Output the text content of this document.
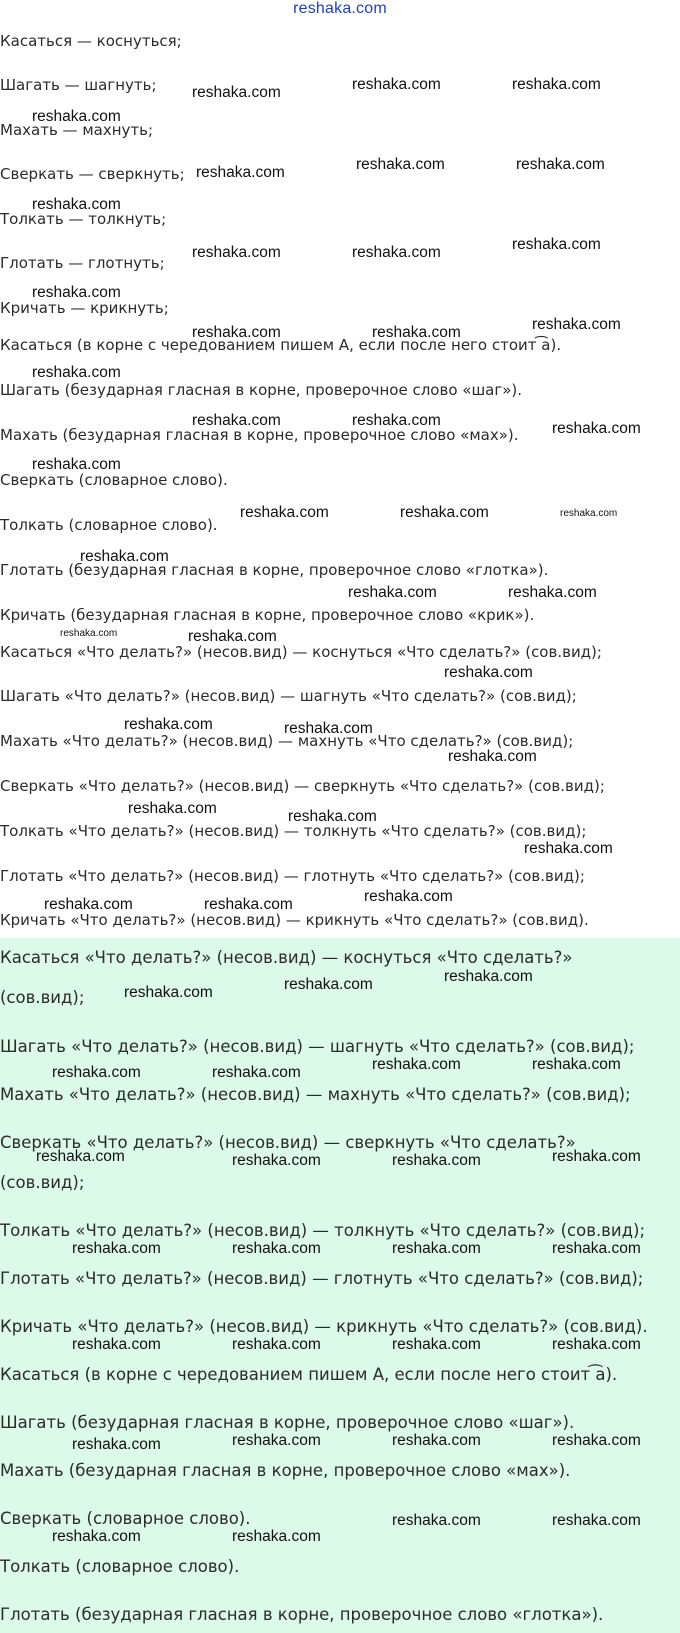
reshaka.com
Касаться — коснуться;
Шагать — шагнуть;
Махать — махнуть;
Сверкать — сверкнуть;
Толкать — толкнуть;
Глотать — глотнуть;
Кричать — крикнуть;
Касаться (в корне с чередованием пишем А, если после него стоит ͡а).
Шагать (безударная гласная в корне, проверочное слово «шаг»).
Махать (безударная гласная в корне, проверочное слово «мах»).
Сверкать (словарное слово).
Толкать (словарное слово).
Глотать (безударная гласная в корне, проверочное слово «глотка»).
Кричать (безударная гласная в корне, проверочное слово «крик»).
Касаться «Что делать?» (несов.вид) — коснуться «Что сделать?» (сов.вид);
Шагать «Что делать?» (несов.вид) — шагнуть «Что сделать?» (сов.вид);
Махать «Что делать?» (несов.вид) — махнуть «Что сделать?» (сов.вид);
Сверкать «Что делать?» (несов.вид) — сверкнуть «Что сделать?» (сов.вид);
Толкать «Что делать?» (несов.вид) — толкнуть «Что сделать?» (сов.вид);
Глотать «Что делать?» (несов.вид) — глотнуть «Что сделать?» (сов.вид);
Кричать «Что делать?» (несов.вид) — крикнуть «Что сделать?» (сов.вид).
Касаться «Что делать?» (несов.вид) — коснуться «Что сделать?»
(сов.вид);
Шагать «Что делать?» (несов.вид) — шагнуть «Что сделать?» (сов.вид);
Махать «Что делать?» (несов.вид) — махнуть «Что сделать?» (сов.вид);
Сверкать «Что делать?» (несов.вид) — сверкнуть «Что сделать?»
(сов.вид);
Толкать «Что делать?» (несов.вид) — толкнуть «Что сделать?» (сов.вид);
Глотать «Что делать?» (несов.вид) — глотнуть «Что сделать?» (сов.вид);
Кричать «Что делать?» (несов.вид) — крикнуть «Что сделать?» (сов.вид).
Касаться (в корне с чередованием пишем А, если после него стоит ͡а).
Шагать (безударная гласная в корне, проверочное слово «шаг»).
Махать (безударная гласная в корне, проверочное слово «мах»).
Сверкать (словарное слово).
Толкать (словарное слово).
Глотать (безударная гласная в корне, проверочное слово «глотка»).
reshaka.com	reshaka.com	reshaka.com
reshaka.com
reshaka.com	reshaka.com	reshaka.com
reshaka.com
reshaka.com	reshaka.com	reshaka.com
reshaka.com
reshaka.com	reshaka.com	reshaka.com
reshaka.com
reshaka.com	reshaka.com	reshaka.com
reshaka.com
reshaka.com	reshaka.com	reshaka.com
reshaka.com
reshaka.com	reshaka.com
reshaka.com	reshaka.com
reshaka.com
reshaka.com	reshaka.com
reshaka.com
reshaka.com	reshaka.com
reshaka.com
reshaka.com	reshaka.com	reshaka.com
reshaka.com	reshaka.com
reshaka.com
reshaka.com	reshaka.com
reshaka.com	reshaka.com
reshaka.com	reshaka.com	reshaka.com	reshaka.com
reshaka.com	reshaka.com	reshaka.com	reshaka.com
reshaka.com	reshaka.com	reshaka.com	reshaka.com
reshaka.com	reshaka.com	reshaka.com	reshaka.com
reshaka.com	reshaka.com
reshaka.com	reshaka.com
